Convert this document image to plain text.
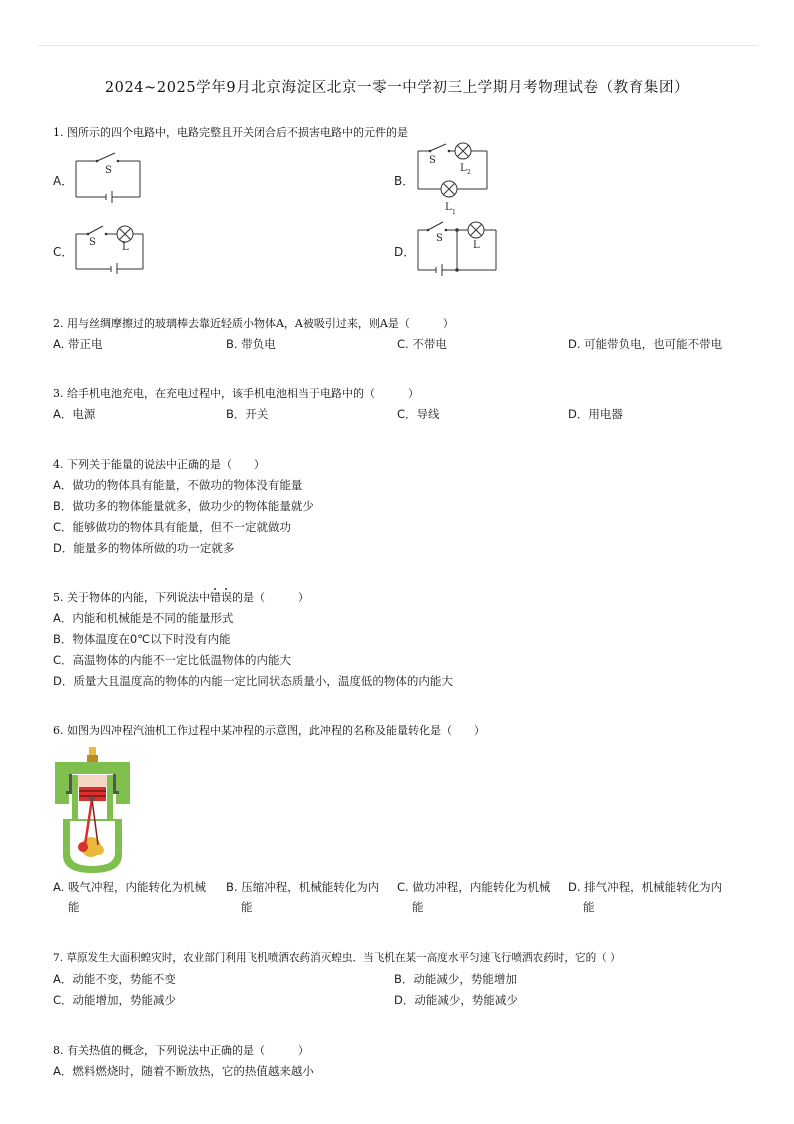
2024~2025学年9月北京海淀区北京一零一中学初三上学期月考物理试卷（教育集团）
1. 图所示的四个电路中，电路完整且开关闭合后不损害电路中的元件的是
A．
S
B．
S
L 2
L 1
C．
S	L	D．
S
L
2. 用与丝绸摩擦过的玻璃棒去靠近轻质小物体A，A被吸引过来，则A是（　　　）
A. 带正电	B. 带负电	C. 不带电	D. 可能带负电，也可能不带电
3. 给手机电池充电，在充电过程中，该手机电池相当于电路中的（　　　）
A．电源	B．开关	C．导线	D．用电器
4. 下列关于能量的说法中正确的是（　　）
A．做功的物体具有能量，不做功的物体没有能量
B．做功多的物体能量就多，做功少的物体能量就少
C．能够做功的物体具有能量，但不一定就做功
D．能量多的物体所做的功一定就多
5. 关于物体的内能，下列说法中错误
的是（　　　）
A．内能和机械能是不同的能量形式
B．物体温度在0℃以下时没有内能
C．高温物体的内能不一定比低温物体的内能大
D．质量大且温度高的物体的内能一定比同状态质量小，温度低的物体的内能大
6. 如图为四冲程汽油机工作过程中某冲程的示意图，此冲程的名称及能量转化是（　　）
A. 吸气冲程，内能转化为机械
能
B. 压缩冲程，机械能转化为内
能
C. 做功冲程，内能转化为机械
能
D. 排气冲程，机械能转化为内
能
7. 草原发生大面积蝗灾时，农业部门利用飞机喷洒农药消灭蝗虫．当飞机在某一高度水平匀速飞行喷洒农药时，它的（ ）
A．动能不变，势能不变	B．动能减少，势能增加
C．动能增加，势能减少	D．动能减少，势能减少
8. 有关热值的概念，下列说法中正确的是（　　　）
A．燃料燃烧时，随着不断放热，它的热值越来越小
